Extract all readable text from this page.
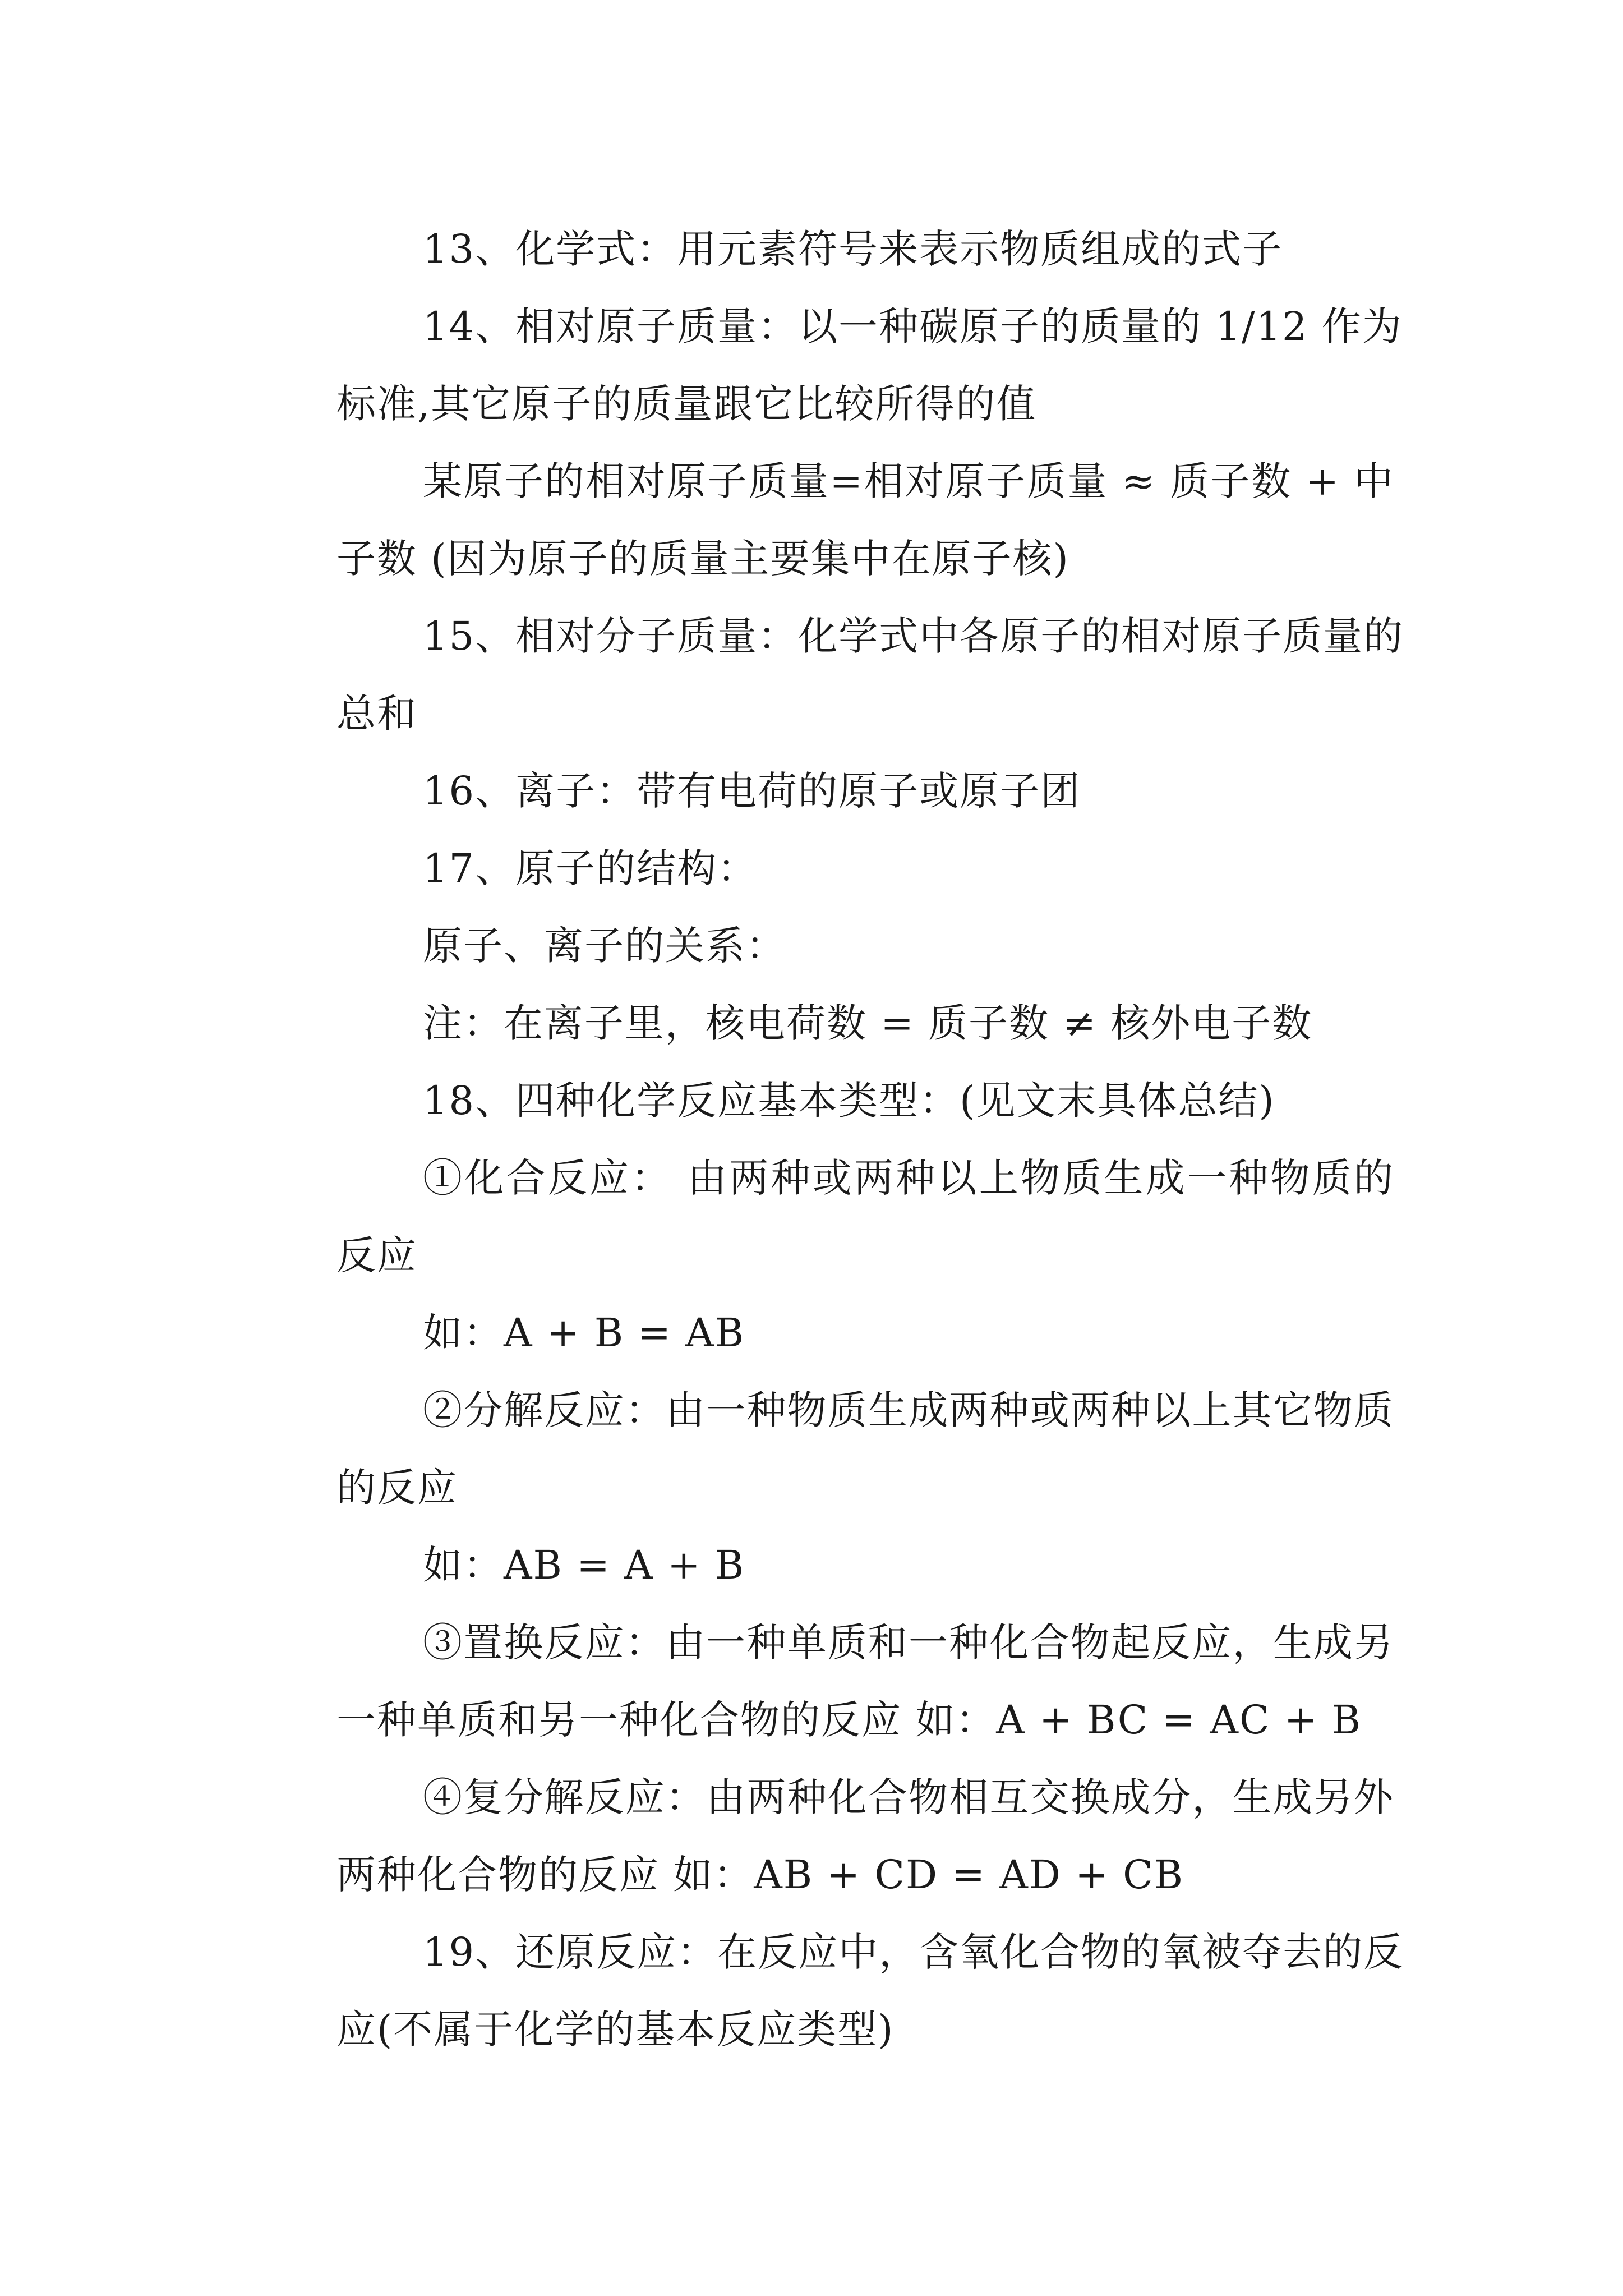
13、化学式：用元素符号来表示物质组成的式子
14、相对原子质量：以一种碳原子的质量的 1/12 作为
标准,其它原子的质量跟它比较所得的值
某原子的相对原子质量=相对原子质量 ≈ 质子数 + 中
子数 (因为原子的质量主要集中在原子核)
15、相对分子质量：化学式中各原子的相对原子质量的
总和
16、离子：带有电荷的原子或原子团
17、原子的结构：
原子、离子的关系：
注：在离子里，核电荷数 = 质子数 ≠ 核外电子数
18、四种化学反应基本类型：(见文末具体总结)
①化合反应： 由两种或两种以上物质生成一种物质的
反应
如：A + B = AB
②分解反应：由一种物质生成两种或两种以上其它物质
的反应
如：AB = A + B
③置换反应：由一种单质和一种化合物起反应，生成另
一种单质和另一种化合物的反应 如：A + BC = AC + B
④复分解反应：由两种化合物相互交换成分，生成另外
两种化合物的反应 如：AB + CD = AD + CB
19、还原反应：在反应中，含氧化合物的氧被夺去的反
应(不属于化学的基本反应类型)
